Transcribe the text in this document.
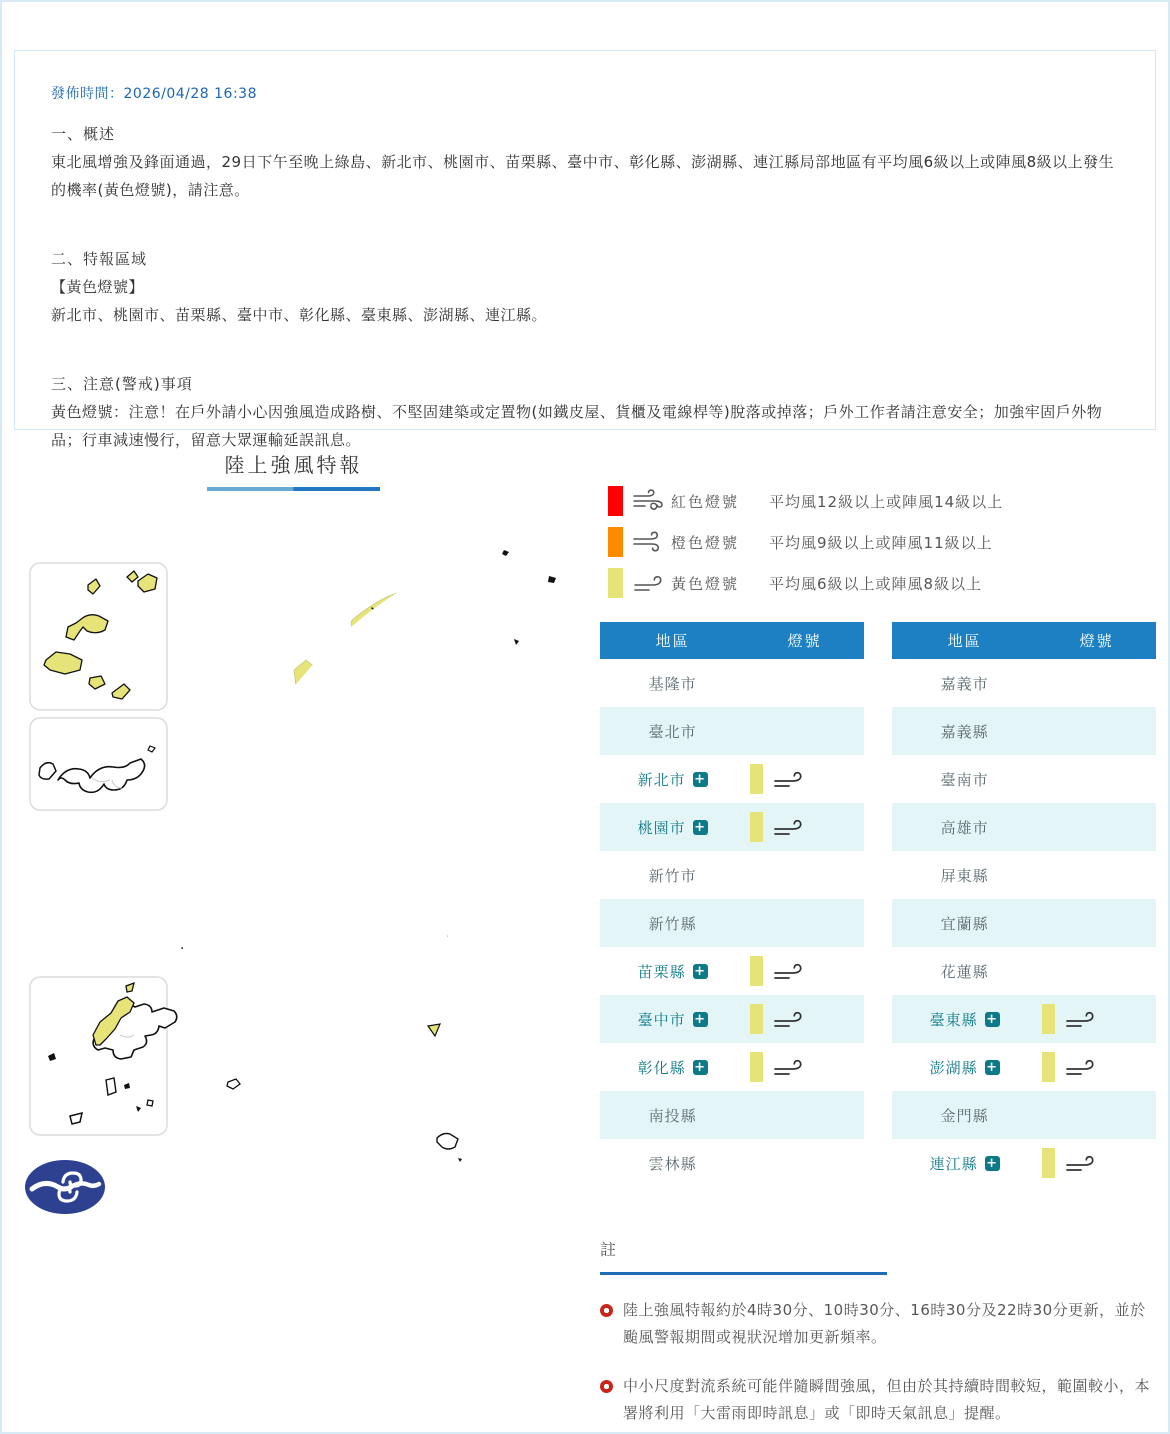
發佈時間：2026/04/28 16:38

一、概述

東北風增強及鋒面通過，29日下午至晚上綠島、新北市、桃園市、苗栗縣、臺中市、彰化縣、澎湖縣、連江縣局部地區有平均風6級以上或陣風8級以上發生的機率(黃色燈號)，請注意。

二、特報區域

【黃色燈號】

新北市、桃園市、苗栗縣、臺中市、彰化縣、臺東縣、澎湖縣、連江縣。

三、注意(警戒)事項

黃色燈號：注意！在戶外請小心因強風造成路樹、不堅固建築或定置物(如鐵皮屋、貨櫃及電線桿等)脫落或掉落；戶外工作者請注意安全；加強牢固戶外物品；行車減速慢行，留意大眾運輸延誤訊息。

陸上強風特報
紅色燈號	平均風12級以上或陣風14級以上
橙色燈號	平均風9級以上或陣風11級以上
黃色燈號	平均風6級以上或陣風8級以上
地區	燈號
基隆市
臺北市
新北市 +
桃園市 +
新竹市
新竹縣
苗栗縣 +
臺中市 +
彰化縣 +
南投縣
雲林縣
地區	燈號
嘉義市
嘉義縣
臺南市
高雄市
屏東縣
宜蘭縣
花蓮縣
臺東縣 +
澎湖縣 +
金門縣
連江縣 +
註
陸上強風特報約於4時30分、10時30分、16時30分及22時30分更新，並於颱風警報期間或視狀況增加更新頻率。
中小尺度對流系統可能伴隨瞬間強風，但由於其持續時間較短，範圍較小，本署將利用「大雷雨即時訊息」或「即時天氣訊息」提醒。
